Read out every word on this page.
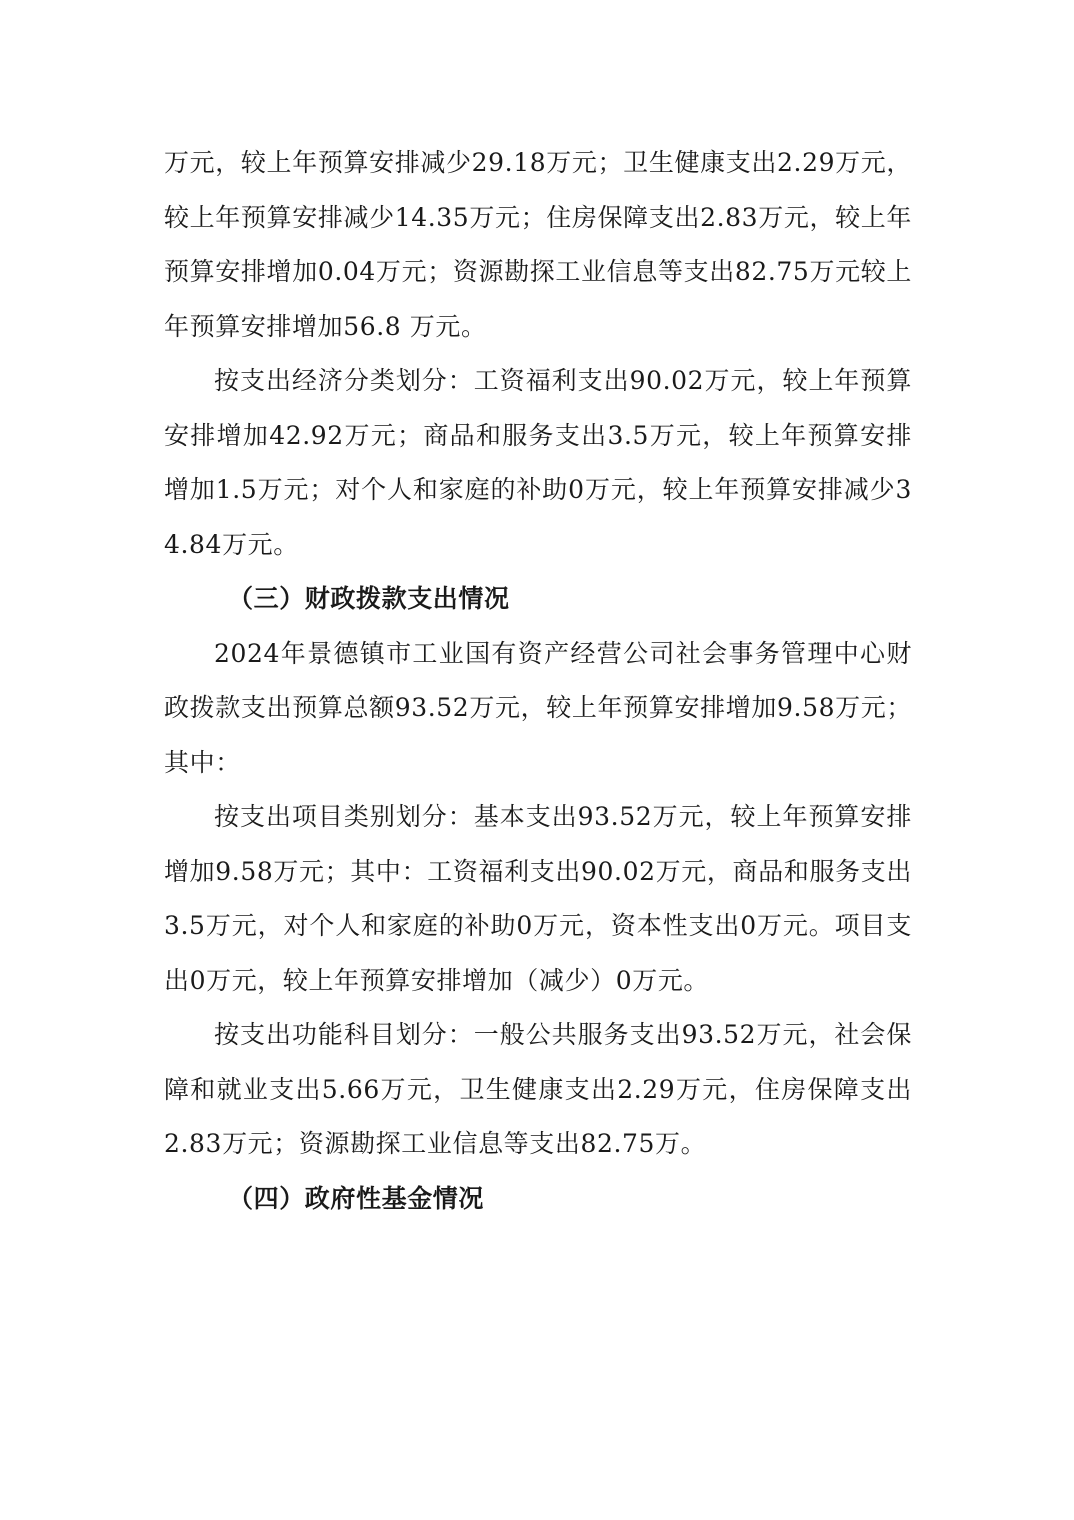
万元，较上年预算安排减少29.18万元；卫生健康支出2.29万元，较上年预算安排减少14.35万元；住房保障支出2.83万元，较上年预算安排增加0.04万元；资源勘探工业信息等支出82.75万元较上年预算安排增加56.8 万元。

按支出经济分类划分：工资福利支出90.02万元，较上年预算安排增加42.92万元；商品和服务支出3.5万元，较上年预算安排增加1.5万元；对个人和家庭的补助0万元，较上年预算安排减少34.84万元。

（三）财政拨款支出情况

2024年景德镇市工业国有资产经营公司社会事务管理中心财政拨款支出预算总额93.52万元，较上年预算安排增加9.58万元；其中：

按支出项目类别划分：基本支出93.52万元，较上年预算安排增加9.58万元；其中：工资福利支出90.02万元，商品和服务支出3.5万元，对个人和家庭的补助0万元，资本性支出0万元。项目支出0万元，较上年预算安排增加（减少）0万元。

按支出功能科目划分：一般公共服务支出93.52万元，社会保障和就业支出5.66万元，卫生健康支出2.29万元，住房保障支出2.83万元；资源勘探工业信息等支出82.75万。

（四）政府性基金情况
